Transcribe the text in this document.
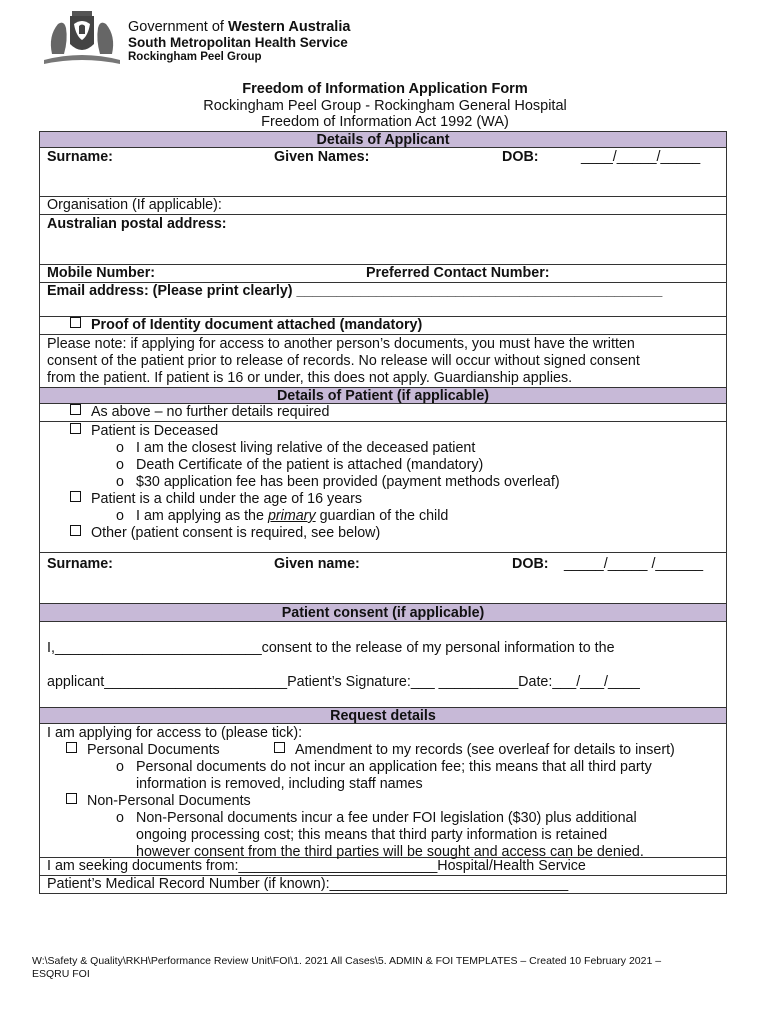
Government of Western Australia
South Metropolitan Health Service
Rockingham Peel Group
Freedom of Information Application Form
Rockingham Peel Group - Rockingham General Hospital
Freedom of Information Act 1992 (WA)
Details of Applicant
Surname:	Given Names:	DOB:	____/_____/_____
Organisation (If applicable):
Australian postal address:
Mobile Number:	Preferred Contact Number:
Email address: (Please print clearly) ______________________________________________
Proof of Identity document attached (mandatory)
Please note: if applying for access to another person’s documents, you must have the written
consent of the patient prior to release of records. No release will occur without signed consent
from the patient. If patient is 16 or under, this does not apply. Guardianship applies.
Details of Patient (if applicable)
As above – no further details required
Patient is Deceased
o I am the closest living relative of the deceased patient
o Death Certificate of the patient is attached (mandatory)
o $30 application fee has been provided (payment methods overleaf)
Patient is a child under the age of 16 years
o I am applying as the primary guardian of the child
Other (patient consent is required, see below)
Surname:	Given name:	DOB: _____/_____ /______
Patient consent (if applicable)
I,__________________________consent to the release of my personal information to the
applicant_______________________Patient’s Signature:___ __________Date:___/___/____
Request details
I am applying for access to (please tick):
Personal Documents	Amendment to my records (see overleaf for details to insert)
o Personal documents do not incur an application fee; this means that all third party
information is removed, including staff names
Non-Personal Documents
o Non-Personal documents incur a fee under FOI legislation ($30) plus additional
ongoing processing cost; this means that third party information is retained
however consent from the third parties will be sought and access can be denied.
I am seeking documents from:_________________________Hospital/Health Service
Patient’s Medical Record Number (if known):______________________________
W:\Safety & Quality\RKH\Performance Review Unit\FOI\1. 2021 All Cases\5. ADMIN & FOI TEMPLATES – Created 10 February 2021 –
ESQRU FOI
